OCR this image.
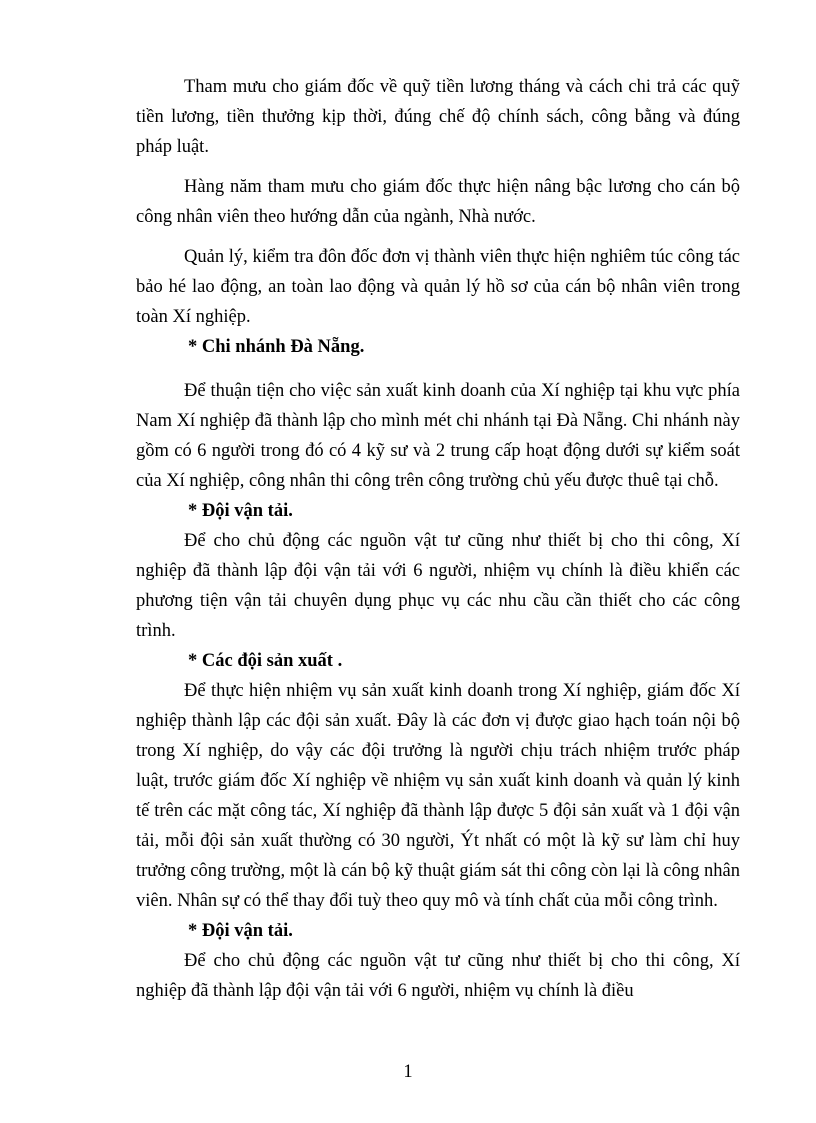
Tham mưu cho giám đốc về quỹ tiền lương tháng và cách chi trả các quỹ tiền lương, tiền thưởng kịp thời, đúng chế độ chính sách, công bằng và đúng pháp luật.

Hàng năm tham mưu cho giám đốc thực hiện nâng bậc lương cho cán bộ công nhân viên theo hướng dẫn của ngành, Nhà nước.

Quản lý, kiểm tra đôn đốc đơn vị thành viên thực hiện nghiêm túc công tác bảo hé lao động, an toàn lao động và quản lý hồ sơ của cán bộ nhân viên trong toàn Xí nghiệp.

* Chi nhánh Đà Nẵng.

Để thuận tiện cho việc sản xuất kinh doanh của Xí nghiệp tại khu vực phía Nam Xí nghiệp đã thành lập cho mình mét chi nhánh tại Đà Nẵng. Chi nhánh này gồm có 6 người trong đó có 4 kỹ sư và 2 trung cấp hoạt động dưới sự kiểm soát của Xí nghiệp, công nhân thi công trên công trường chủ yếu được thuê tại chỗ.

* Đội vận tải.

Để cho chủ động các nguồn vật tư cũng như thiết bị cho thi công, Xí nghiệp đã thành lập đội vận tải với 6 người, nhiệm vụ chính là điều khiển các phương tiện vận tải chuyên dụng phục vụ các nhu cầu cần thiết cho các công trình.

* Các đội sản xuất .

Để thực hiện nhiệm vụ sản xuất kinh doanh trong Xí nghiệp, giám đốc Xí nghiệp thành lập các đội sản xuất. Đây là các đơn vị được giao hạch toán nội bộ trong Xí nghiệp, do vậy các đội trưởng là người chịu trách nhiệm trước pháp luật, trước giám đốc Xí nghiệp về nhiệm vụ sản xuất kinh doanh và quản lý kinh tế trên các mặt công tác, Xí nghiệp đã thành lập được 5 đội sản xuất và 1 đội vận tải, mỗi đội sản xuất thường có 30 người, Ýt nhất có một là kỹ sư làm chỉ huy trưởng công trường, một là cán bộ kỹ thuật giám sát thi công còn lại là công nhân viên. Nhân sự có thể thay đổi tuỳ theo quy mô và tính chất của mỗi công trình.

* Đội vận tải.

Để cho chủ động các nguồn vật tư cũng như thiết bị cho thi công, Xí nghiệp đã thành lập đội vận tải với 6 người, nhiệm vụ chính là điều

1
